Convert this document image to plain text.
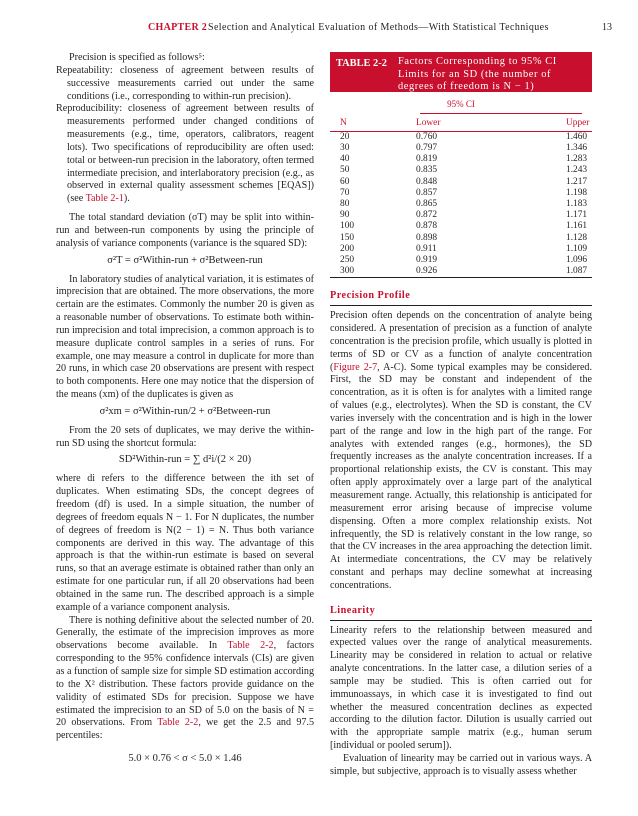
CHAPTER 2 Selection and Analytical Evaluation of Methods—With Statistical Techniques	13

Precision is specified as follows⁵:

Repeatability: closeness of agreement between results of successive measurements carried out under the same conditions (i.e., corresponding to within-run precision).

Reproducibility: closeness of agreement between results of measurements performed under changed conditions of measurements (e.g., time, operators, calibrators, reagent lots). Two specifications of reproducibility are often used: total or between-run precision in the laboratory, often termed intermediate precision, and interlaboratory precision (e.g., as observed in external quality assessment schemes [EQAS]) (see Table 2-1).

The total standard deviation (σT) may be split into within-run and between-run components by using the principle of analysis of variance components (variance is the squared SD):

σ²T = σ²Within-run + σ²Between-run

In laboratory studies of analytical variation, it is estimates of imprecision that are obtained. The more observations, the more certain are the estimates. Commonly the number 20 is given as a reasonable number of observations. To estimate both within-run imprecision and total imprecision, a common approach is to measure duplicate control samples in a series of runs. For example, one may measure a control in duplicate for more than 20 runs, in which case 20 observations are present with respect to both components. Here one may notice that the dispersion of the means (xm) of the duplicates is given as

σ²xm = σ²Within-run/2 + σ²Between-run

From the 20 sets of duplicates, we may derive the within-run SD using the shortcut formula:

SD²Within-run = ∑ d²i/(2 × 20)

where di refers to the difference between the ith set of duplicates. When estimating SDs, the concept degrees of freedom (df) is used. In a simple situation, the number of degrees of freedom equals N − 1. For N duplicates, the number of degrees of freedom is N(2 − 1) = N. Thus both variance components are derived in this way. The advantage of this approach is that the within-run estimate is based on several runs, so that an average estimate is obtained rather than only an estimate for one particular run, if all 20 observations had been obtained in the same run. The described approach is a simple example of a variance component analysis.

There is nothing definitive about the selected number of 20. Generally, the estimate of the imprecision improves as more observations become available. In Table 2-2, factors corresponding to the 95% confidence intervals (CIs) are given as a function of sample size for simple SD estimation according to the X² distribution. These factors provide guidance on the validity of estimated SDs for precision. Suppose we have estimated the imprecision to an SD of 5.0 on the basis of N = 20 observations. From Table 2-2, we get the 2.5 and 97.5 percentiles:

5.0 × 0.76 < σ < 5.0 × 1.46

TABLE 2-2 Factors Corresponding to 95% CI Limits for an SD (the number of degrees of freedom is N − 1)
95% CI
N	Lower	Upper
20	0.760	1.460
30	0.797	1.346
40	0.819	1.283
50	0.835	1.243
60	0.848	1.217
70	0.857	1.198
80	0.865	1.183
90	0.872	1.171
100	0.878	1.161
150	0.898	1.128
200	0.911	1.109
250	0.919	1.096
300	0.926	1.087
Precision Profile

Precision often depends on the concentration of analyte being considered. A presentation of precision as a function of analyte concentration is the precision profile, which usually is plotted in terms of SD or CV as a function of analyte concentration (Figure 2-7, A-C). Some typical examples may be considered. First, the SD may be constant and independent of the concentration, as it is often is for analytes with a limited range of values (e.g., electrolytes). When the SD is constant, the CV varies inversely with the concentration and is high in the lower part of the range and low in the high part of the range. For analytes with extended ranges (e.g., hormones), the SD frequently increases as the analyte concentration increases. If a proportional relationship exists, the CV is constant. This may often apply approximately over a large part of the analytical measurement range. Actually, this relationship is anticipated for measurement error arising because of imprecise volume dispensing. Often a more complex relationship exists. Not infrequently, the SD is relatively constant in the low range, so that the CV increases in the area approaching the detection limit. At intermediate concentrations, the CV may be relatively constant and perhaps may decline somewhat at increasing concentrations.

Linearity

Linearity refers to the relationship between measured and expected values over the range of analytical measurements. Linearity may be considered in relation to actual or relative analyte concentrations. In the latter case, a dilution series of a sample may be studied. This is often carried out for immunoassays, in which case it is investigated to find out whether the measured concentration declines as expected according to the dilution factor. Dilution is usually carried out with the appropriate sample matrix (e.g., human serum [individual or pooled serum]).

Evaluation of linearity may be carried out in various ways. A simple, but subjective, approach is to visually assess whether
